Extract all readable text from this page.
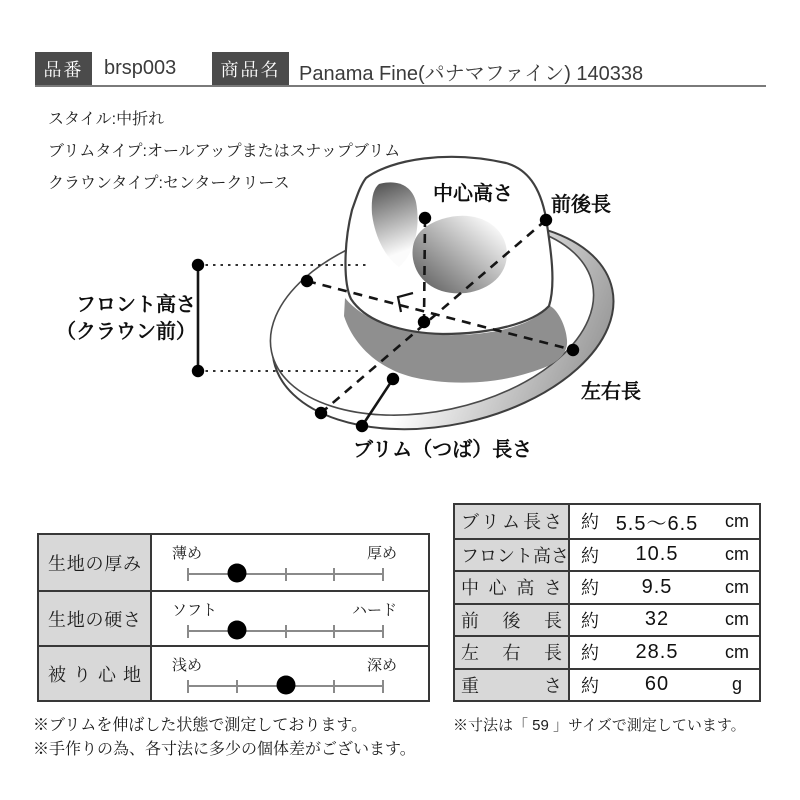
品番 brsp003 商品名 Panama Fine(パナマファイン) 140338
スタイル:中折れ
ブリムタイプ:オールアップまたはスナップブリム
クラウンタイプ:センタークリース	中心高さ 前後長
フロント高さ
（クラウン前）
左右長
ブリム（つば）長さ
生地の厚み 薄め	厚め
生地の硬さ ソフト	ハード
被り心地 浅め	深め
ブリム長さ 約 5.5～6.5	cm
フロント高さ 約	10.5	cm
中心高さ 約	9.5	cm
前後長 約	32	cm
左右長 約	28.5	cm
重さ 約	60	g
※ブリムを伸ばした状態で測定しております。
※手作りの為、各寸法に多少の個体差がございます。
※寸法は「 59 」サイズで測定しています。
